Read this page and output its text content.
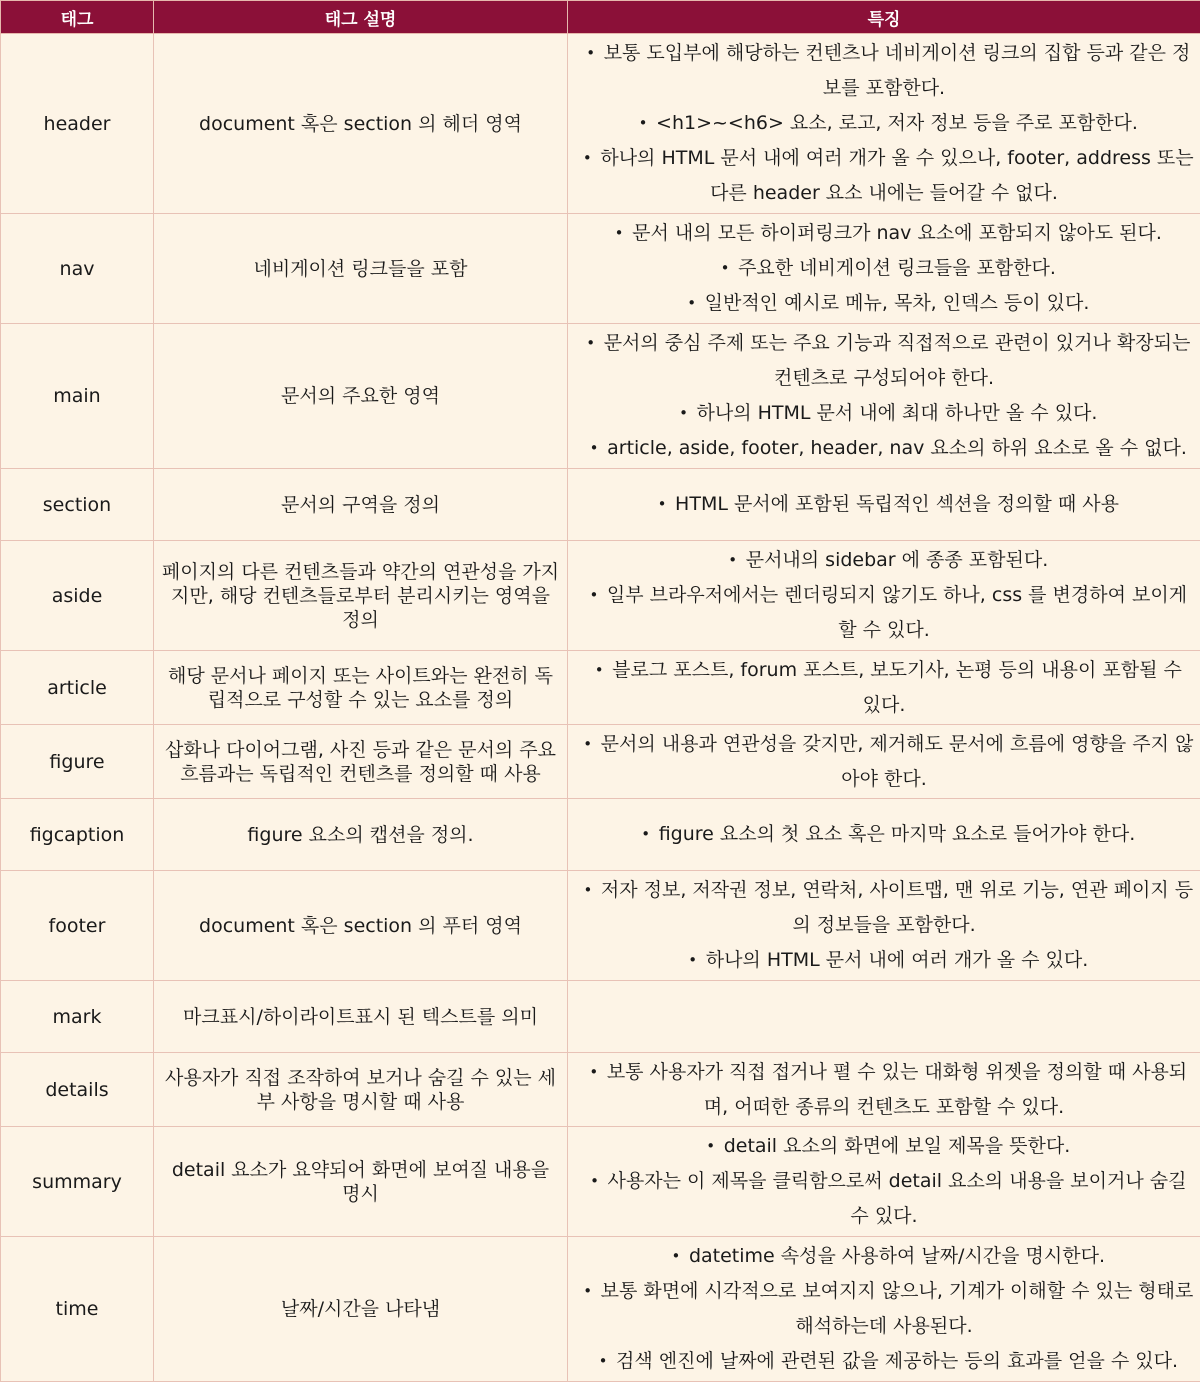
태그	태그 설명	특징
header	document 혹은 section 의 헤더 영역	• 보통 도입부에 해당하는 컨텐츠나 네비게이션 링크의 집합 등과 같은 정보를 포함한다.
• <h1>~<h6> 요소, 로고, 저자 정보 등을 주로 포함한다.
• 하나의 HTML 문서 내에 여러 개가 올 수 있으나, footer, address 또는 다른 header 요소 내에는 들어갈 수 없다.

nav	네비게이션 링크들을 포함	• 문서 내의 모든 하이퍼링크가 nav 요소에 포함되지 않아도 된다.
• 주요한 네비게이션 링크들을 포함한다.
• 일반적인 예시로 메뉴, 목차, 인덱스 등이 있다.

main	문서의 주요한 영역	• 문서의 중심 주제 또는 주요 기능과 직접적으로 관련이 있거나 확장되는 컨텐츠로 구성되어야 한다.
• 하나의 HTML 문서 내에 최대 하나만 올 수 있다.
• article, aside, footer, header, nav 요소의 하위 요소로 올 수 없다.

section	문서의 구역을 정의	• HTML 문서에 포함된 독립적인 섹션을 정의할 때 사용

aside	페이지의 다른 컨텐츠들과 약간의 연관성을 가지지만, 해당 컨텐츠들로부터 분리시키는 영역을 정의	• 문서내의 sidebar 에 종종 포함된다.
• 일부 브라우저에서는 렌더링되지 않기도 하나, css 를 변경하여 보이게 할 수 있다.

article	해당 문서나 페이지 또는 사이트와는 완전히 독립적으로 구성할 수 있는 요소를 정의	• 블로그 포스트, forum 포스트, 보도기사, 논평 등의 내용이 포함될 수 있다.

figure	삽화나 다이어그램, 사진 등과 같은 문서의 주요 흐름과는 독립적인 컨텐츠를 정의할 때 사용	• 문서의 내용과 연관성을 갖지만, 제거해도 문서에 흐름에 영향을 주지 않아야 한다.

figcaption	figure 요소의 캡션을 정의.	• figure 요소의 첫 요소 혹은 마지막 요소로 들어가야 한다.

footer	document 혹은 section 의 푸터 영역	• 저자 정보, 저작권 정보, 연락처, 사이트맵, 맨 위로 기능, 연관 페이지 등의 정보들을 포함한다.
• 하나의 HTML 문서 내에 여러 개가 올 수 있다.

mark	마크표시/하이라이트표시 된 텍스트를 의미	
details	사용자가 직접 조작하여 보거나 숨길 수 있는 세부 사항을 명시할 때 사용	• 보통 사용자가 직접 접거나 펼 수 있는 대화형 위젯을 정의할 때 사용되며, 어떠한 종류의 컨텐츠도 포함할 수 있다.

summary	detail 요소가 요약되어 화면에 보여질 내용을 명시	• detail 요소의 화면에 보일 제목을 뜻한다.
• 사용자는 이 제목을 클릭함으로써 detail 요소의 내용을 보이거나 숨길 수 있다.

time	날짜/시간을 나타냄	• datetime 속성을 사용하여 날짜/시간을 명시한다.
• 보통 화면에 시각적으로 보여지지 않으나, 기계가 이해할 수 있는 형태로 해석하는데 사용된다.
• 검색 엔진에 날짜에 관련된 값을 제공하는 등의 효과를 얻을 수 있다.
